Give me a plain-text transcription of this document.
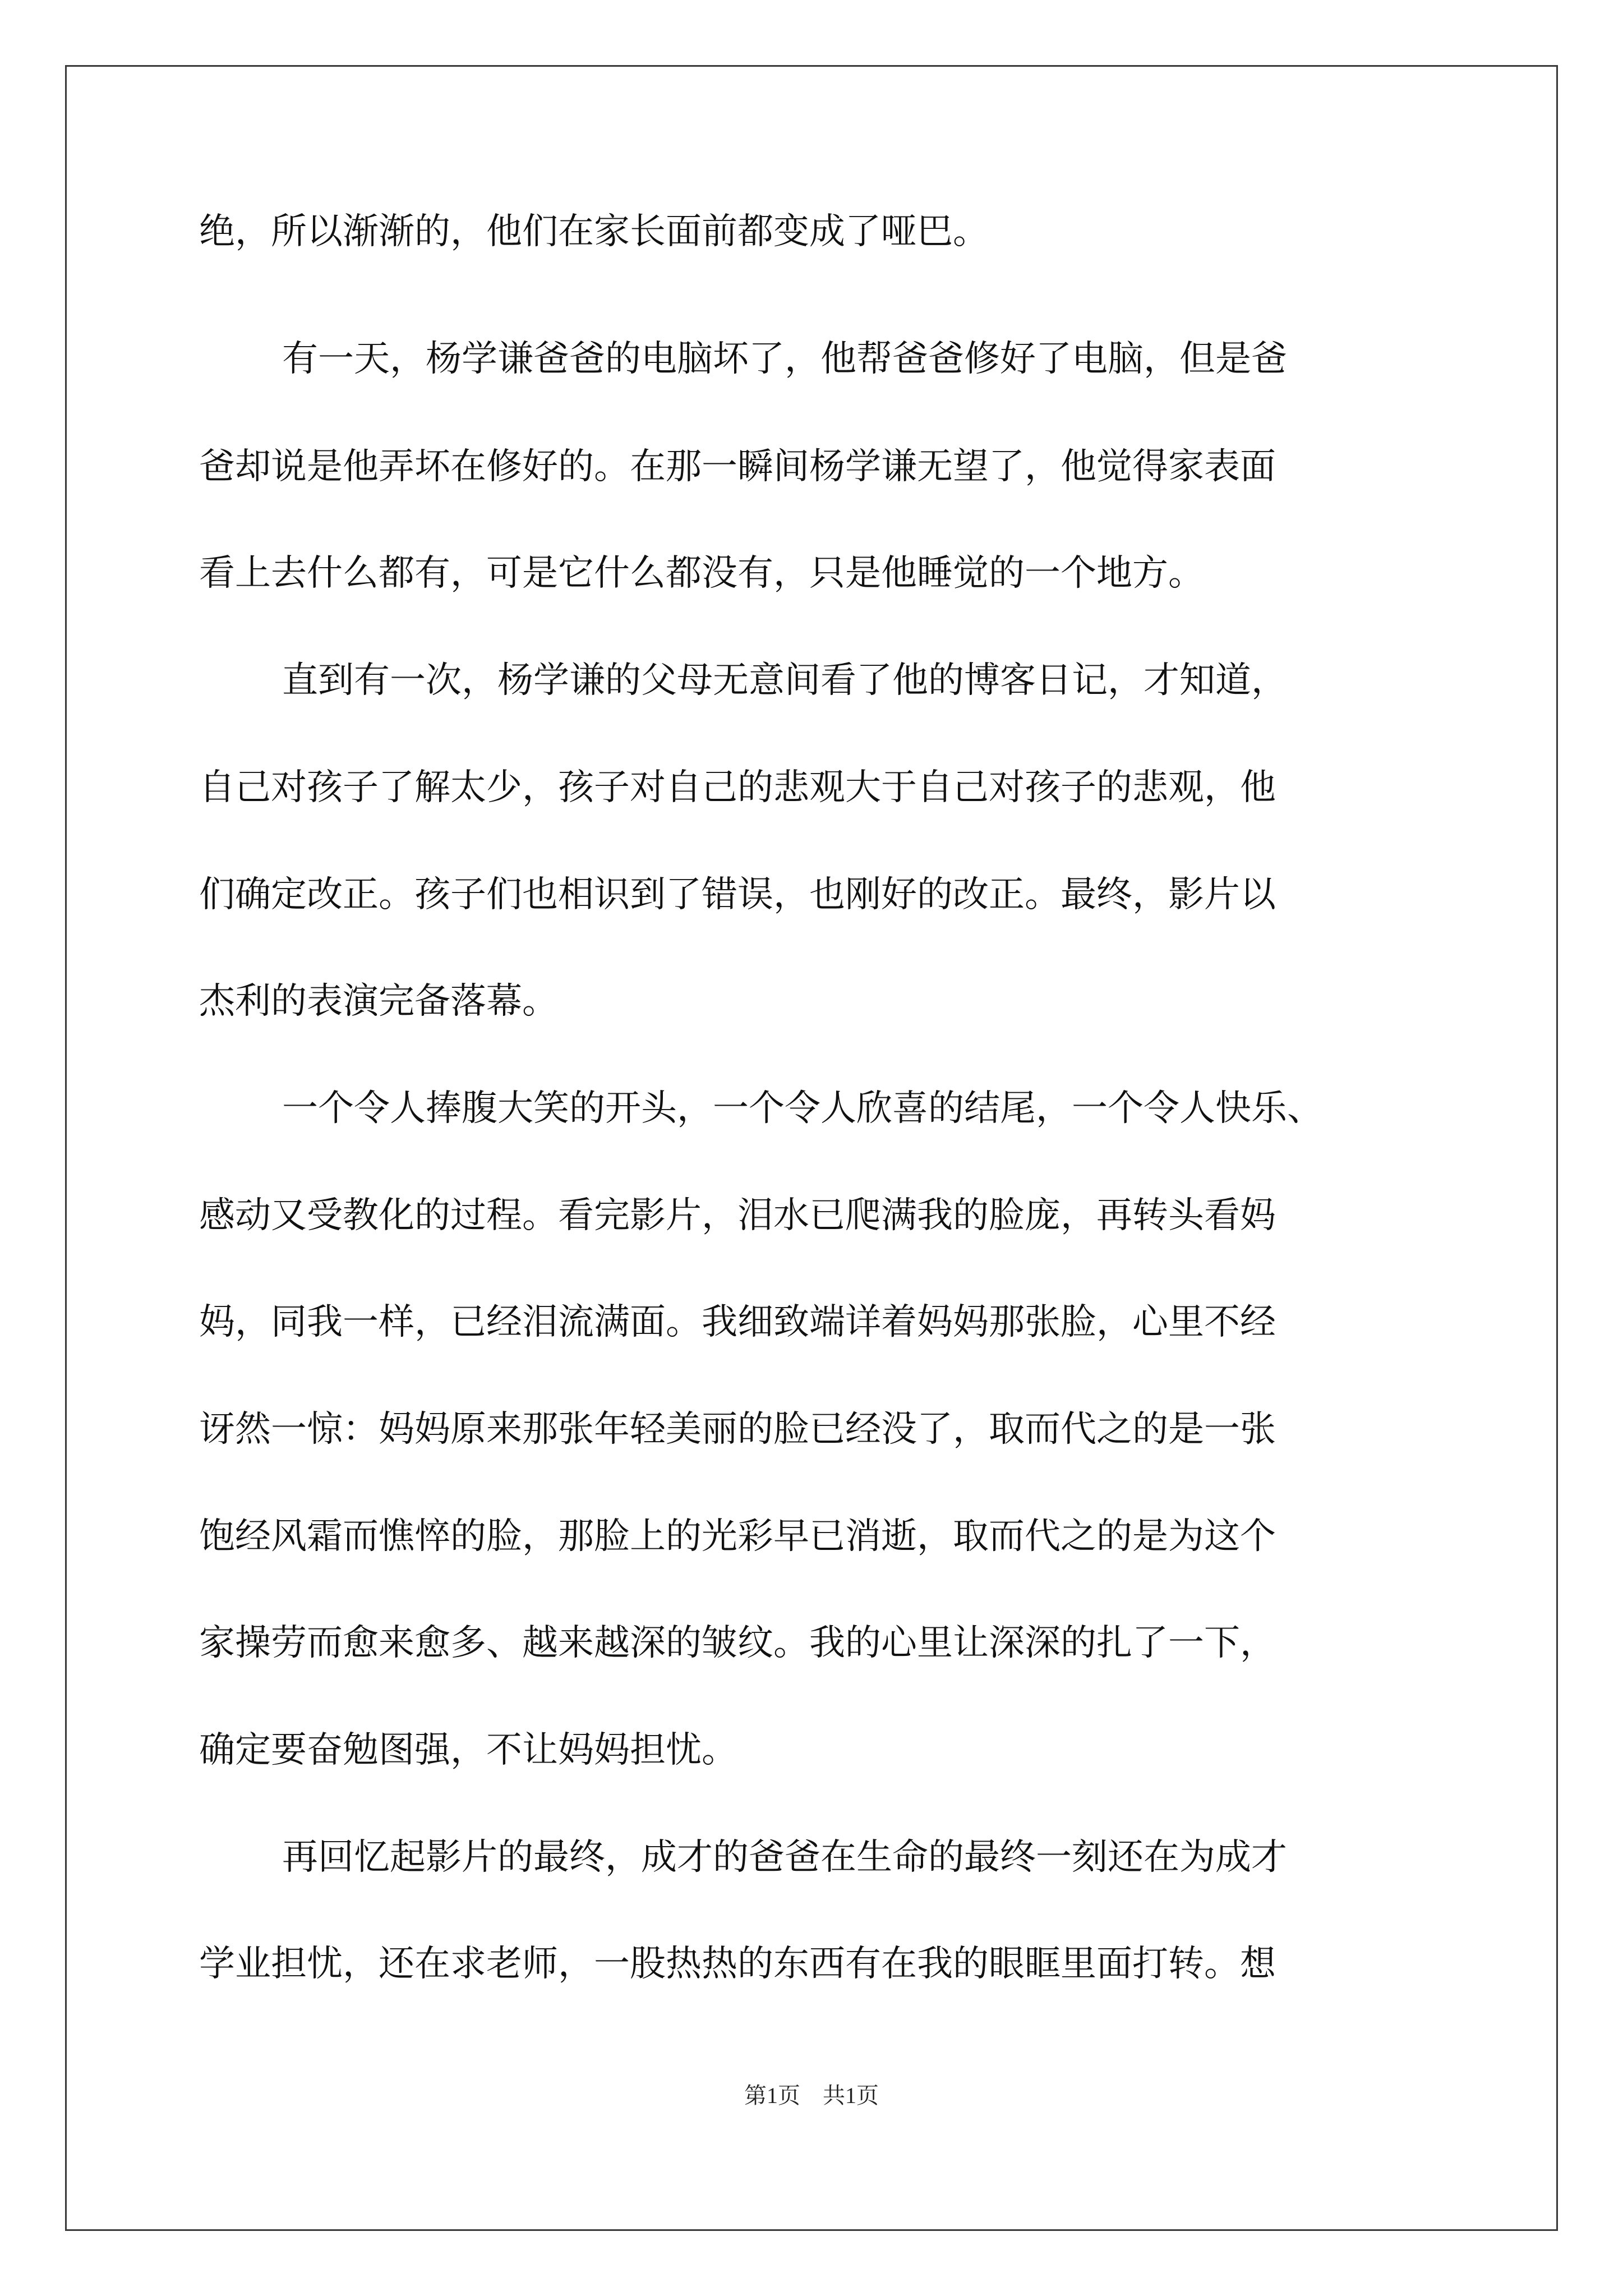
绝，所以渐渐的，他们在家长面前都变成了哑巴。
有一天，杨学谦爸爸的电脑坏了，他帮爸爸修好了电脑，但是爸
爸却说是他弄坏在修好的。在那一瞬间杨学谦无望了，他觉得家表面
看上去什么都有，可是它什么都没有，只是他睡觉的一个地方。
直到有一次，杨学谦的父母无意间看了他的博客日记，才知道，
自己对孩子了解太少，孩子对自己的悲观大于自己对孩子的悲观，他
们确定改正。孩子们也相识到了错误，也刚好的改正。最终，影片以
杰利的表演完备落幕。
一个令人捧腹大笑的开头，一个令人欣喜的结尾，一个令人快乐、
感动又受教化的过程。看完影片，泪水已爬满我的脸庞，再转头看妈
妈，同我一样，已经泪流满面。我细致端详着妈妈那张脸，心里不经
讶然一惊：妈妈原来那张年轻美丽的脸已经没了，取而代之的是一张
饱经风霜而憔悴的脸，那脸上的光彩早已消逝，取而代之的是为这个
家操劳而愈来愈多、越来越深的皱纹。我的心里让深深的扎了一下，
确定要奋勉图强，不让妈妈担忧。
再回忆起影片的最终，成才的爸爸在生命的最终一刻还在为成才
学业担忧，还在求老师，一股热热的东西有在我的眼眶里面打转。想
第1页　共1页
